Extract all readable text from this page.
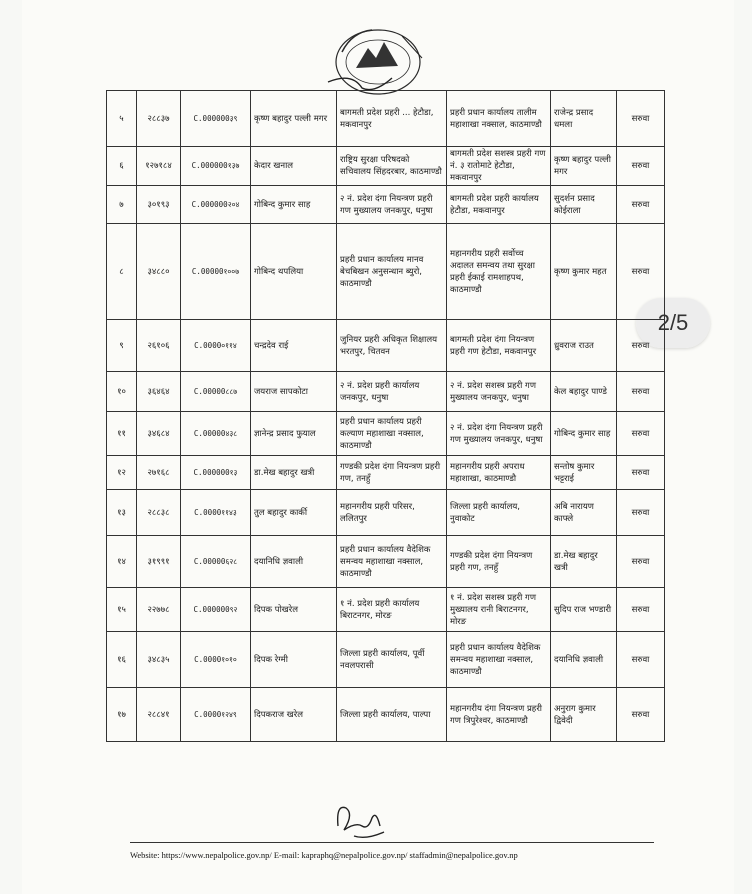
2/5
५	२८८३७	C.000000३९	कृष्ण बहादुर पल्ली मगर	बागमती प्रदेश प्रहरी ... हेटौडा, मकवानपुर	प्रहरी प्रधान कार्यालय तालीम महाशाखा नक्साल, काठमाण्डौ	राजेन्द्र प्रसाद धमला	सरुवा
६	१२७१८४	C.000000१३७	केदार खनाल	राष्ट्रिय सुरक्षा परिषदको सचिवालय सिंहदरबार, काठमाण्डौ	बागमती प्रदेश सशस्त्र प्रहरी गण नं. ३ रातोमाटे हेटौडा, मकवानपुर	कृष्ण बहादुर पल्ली मगर	सरुवा
७	३०१९३	C.000000२०४	गोबिन्द कुमार साह	२ नं. प्रदेश दंगा नियन्त्रण प्रहरी गण मुख्यालय जनकपुर, धनुषा	बागमती प्रदेश प्रहरी कार्यालय हेटौडा, मकवानपुर	सुदर्शन प्रसाद कोईराला	सरुवा
८	३४८८०	C.00000१००७	गोबिन्द थपलिया	प्रहरी प्रधान कार्यालय मानव बेचबिखन अनुसन्धान ब्युरो, काठमाण्डौ	महानगरीय प्रहरी सर्वोच्च अदालत समन्वय तथा सुरक्षा प्रहरी ईकाई रामशाहपथ, काठमाण्डौ	कृष्ण कुमार महत	सरुवा
९	२६१०६	C.0000०११४	चन्द्रदेव राई	जुनियर प्रहरी अधिकृत शिक्षालय भरतपुर, चितवन	बागमती प्रदेश दंगा नियन्त्रण प्रहरी गण हेटौडा, मकवानपुर	ध्रुवराज राउत	सरुवा
१०	३६४६४	C.00000८८७	जयराज सापकोटा	२ नं. प्रदेश प्रहरी कार्यालय जनकपुर, धनुषा	२ नं. प्रदेश सशस्त्र प्रहरी गण मुख्यालय जनकपुर, धनुषा	केल बहादुर पाण्डे	सरुवा
११	३४६८४	C.00000४३८	ज्ञानेन्द्र प्रसाद फुयाल	प्रहरी प्रधान कार्यालय प्रहरी कल्याण महाशाखा नक्साल, काठमाण्डौ	२ नं. प्रदेश दंगा नियन्त्रण प्रहरी गण मुख्यालय जनकपुर, धनुषा	गोबिन्द कुमार साह	सरुवा
१२	२७१६८	C.000000१३	डा.मेख बहादुर खत्री	गण्डकी प्रदेश दंगा नियन्त्रण प्रहरी गण, तनहुँ	महानगरीय प्रहरी अपराध महाशाखा, काठमाण्डौ	सन्तोष कुमार भट्टराई	सरुवा
१३	२८८३८	C.0000११४३	तुल बहादुर कार्की	महानगरीय प्रहरी परिसर, ललितपुर	जिल्ला प्रहरी कार्यालय, नुवाकोट	अबि नारायण काफ्ले	सरुवा
१४	३१९९१	C.00000६२८	दयानिधि ज्ञवाली	प्रहरी प्रधान कार्यालय वैदेशिक समन्वय महाशाखा नक्साल, काठमाण्डौ	गण्डकी प्रदेश दंगा नियन्त्रण प्रहरी गण, तनहुँ	डा.मेख बहादुर खत्री	सरुवा
१५	२२७७८	C.000000९२	दिपक पोखरेल	१ नं. प्रदेश प्रहरी कार्यालय बिराटनगर, मोरङ	१ नं. प्रदेश सशस्त्र प्रहरी गण मुख्यालय रानी बिराटनगर, मोरङ	सुदिप राज भण्डारी	सरुवा
१६	३४८३५	C.0000१०१०	दिपक रेग्मी	जिल्ला प्रहरी कार्यालय, पूर्वी नवलपरासी	प्रहरी प्रधान कार्यालय वैदेशिक समन्वय महाशाखा नक्साल, काठमाण्डौ	दयानिधि ज्ञवाली	सरुवा
१७	२८८४१	C.0000१२४९	दिपकराज खरेल	जिल्ला प्रहरी कार्यालय, पाल्पा	महानगरीय दंगा नियन्त्रण प्रहरी गण त्रिपुरेश्वर, काठमाण्डौ	अनुराग कुमार द्विवेदी	सरुवा
Website: https://www.nepalpolice.gov.np/ E-mail: kapraphq@nepalpolice.gov.np/ staffadmin@nepalpolice.gov.np
